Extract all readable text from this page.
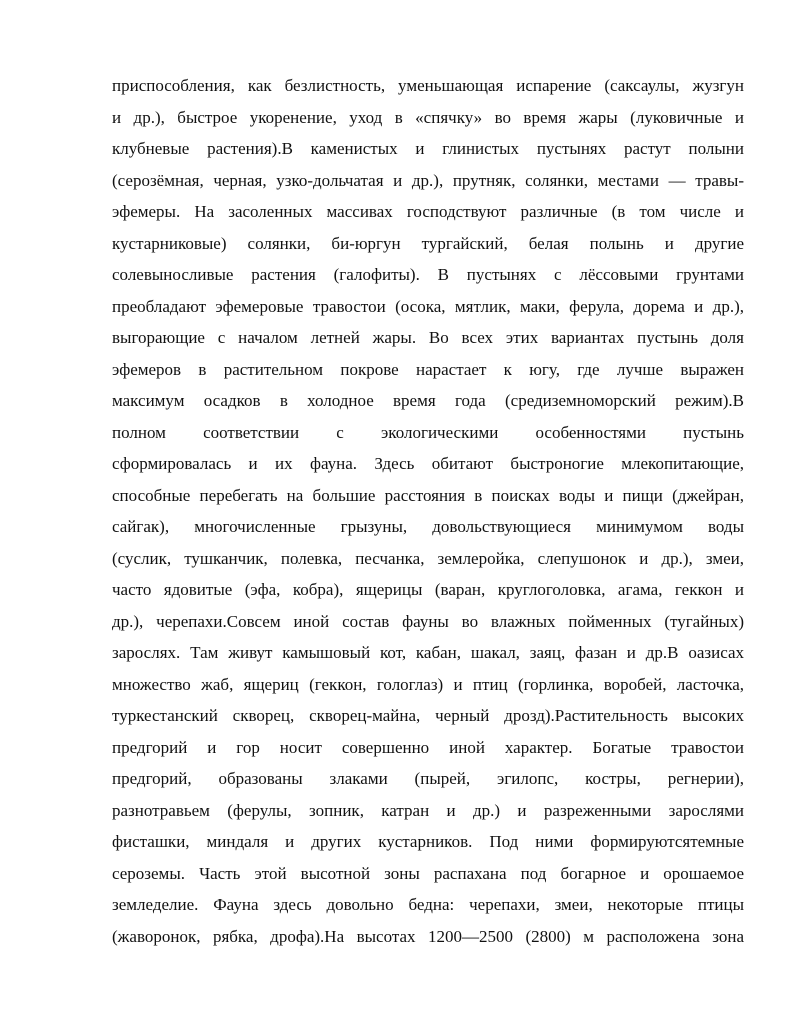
приспособления, как безлистность, уменьшающая испарение (саксаулы, жузгун
и др.), быстрое укоренение, уход в «спячку» во время жары (луковичные и
клубневые растения).В каменистых и глинистых пустынях растут полыни
(серозёмная, черная, узко-дольчатая и др.), прутняк, солянки, местами — травы-
эфемеры. На засоленных массивах господствуют различные (в том числе и
кустарниковые) солянки, би-юргун тургайский, белая полынь и другие
солевыносливые растения (галофиты). В пустынях с лёссовыми грунтами
преобладают эфемеровые травостои (осока, мятлик, маки, ферула, дорема и др.),
выгорающие с началом летней жары. Во всех этих вариантах пустынь доля
эфемеров в растительном покрове нарастает к югу, где лучше выражен
максимум осадков в холодное время года (средиземноморский режим).В
полном соответствии с экологическими особенностями пустынь
сформировалась и их фауна. Здесь обитают быстроногие млекопитающие,
способные перебегать на большие расстояния в поисках воды и пищи (джейран,
сайгак), многочисленные грызуны, довольствующиеся минимумом воды
(суслик, тушканчик, полевка, песчанка, землеройка, слепушонок и др.), змеи,
часто ядовитые (эфа, кобра), ящерицы (варан, круглоголовка, агама, геккон и
др.), черепахи.Совсем иной состав фауны во влажных пойменных (тугайных)
зарослях. Там живут камышовый кот, кабан, шакал, заяц, фазан и др.В оазисах
множество жаб, ящериц (геккон, гологлаз) и птиц (горлинка, воробей, ласточка,
туркестанский скворец, скворец-майна, черный дрозд).Растительность высоких
предгорий и гор носит совершенно иной характер. Богатые травостои
предгорий, образованы злаками (пырей, эгилопс, костры, регнерии),
разнотравьем (ферулы, зопник, катран и др.) и разреженными зарослями
фисташки, миндаля и других кустарников. Под ними формируютсятемные
сероземы. Часть этой высотной зоны распахана под богарное и орошаемое
земледелие. Фауна здесь довольно бедна: черепахи, змеи, некоторые птицы
(жаворонок, рябка, дрофа).На высотах 1200—2500 (2800) м расположена зона
